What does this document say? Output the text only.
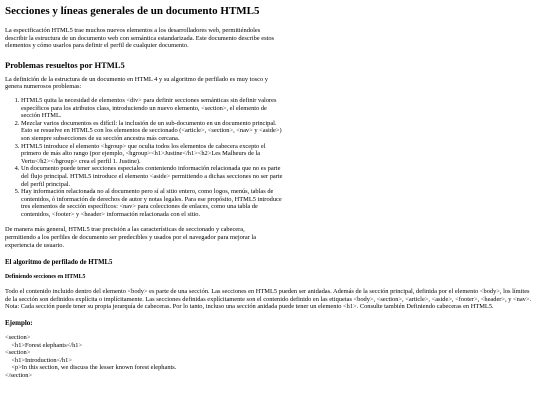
Secciones y líneas generales de un documento HTML5

La especificación HTML5 trae muchos nuevos elementos a los desarrolladores web, permitiéndoles describir la estructura de un documento web con semántica estandarizada. Este documento describe estos elementos y cómo usarlos para definir el perfil de cualquier documento.

Problemas resueltos por HTML5

La definición de la estructura de un documento en HTML 4 y su algoritmo de perfilado es muy tosco y genera numerosos problemas:

1. HTML5 quita la necesidad de elementos <div> para definir secciones semánticas sin definir valores específicos para los atributos class, introduciendo un nuevo elemento, <section>, el elemento de sección HTML.
2. Mezclar varios documentos es difícil: la inclusión de un sub-documento en un documento principal. Esto se resuelve en HTML5 con los elementos de seccionado (<article>, <section>, <nav> y <aside>) son siempre subsecciones de su sección ancestra más cercana.
3. HTML5 introduce el elemento <hgroup> que oculta todos los elementos de cabecera excepto el primero de más alto rango (por ejemplo, <hgroup><h1>Justine</h1><h2>Les Malheurs de la Vertu</h2></hgroup> crea el perfil 1. Justine).
4. Un documento puede tener secciones especiales conteniendo información relacionada que no es parte del flujo principal. HTML5 introduce el elemento <aside> permitiendo a dichas secciones no ser parte del perfil principal.
5. Hay información relacionada no al documento pero sí al sitio entero, como logos, menús, tablas de contenidos, ó información de derechos de autor y notas legales. Para ese propósito, HTML5 introduce tres elementos de sección específicos: <nav> para colecciones de enlaces, como una tabla de contenidos, <footer> y <header> información relacionada con el sitio.

De manera más general, HTML5 trae precisión a las características de seccionado y cabecera, permitiendo a los perfiles de documento ser predecibles y usados por el navegador para mejorar la experiencia de usuario.

El algoritmo de perfilado de HTML5
Definiendo secciones en HTML5

Todo el contenido incluido dentro del elemento <body> es parte de una sección. Las secciones en HTML5 pueden ser anidadas. Además de la sección principal, definida por el elemento <body>, los límites de la sección son definidos explícita o implícitamente. Las secciones definidas explícitamente son el contenido definido en las etiquetas <body>, <section>, <article>, <aside>, <footer>, <header>, y <nav>. Nota: Cada sección puede tener su propia jerarquía de cabeceras. Por lo tanto, incluso una sección anidada puede tener un elemento <h1>. Consulte también Definiendo cabeceras en HTML5.

Ejemplo:
<section>
<h1>Forest elephants</h1>
<section>
<h1>Introduction</h1>
<p>In this section, we discuss the lesser known forest elephants.
</section>
